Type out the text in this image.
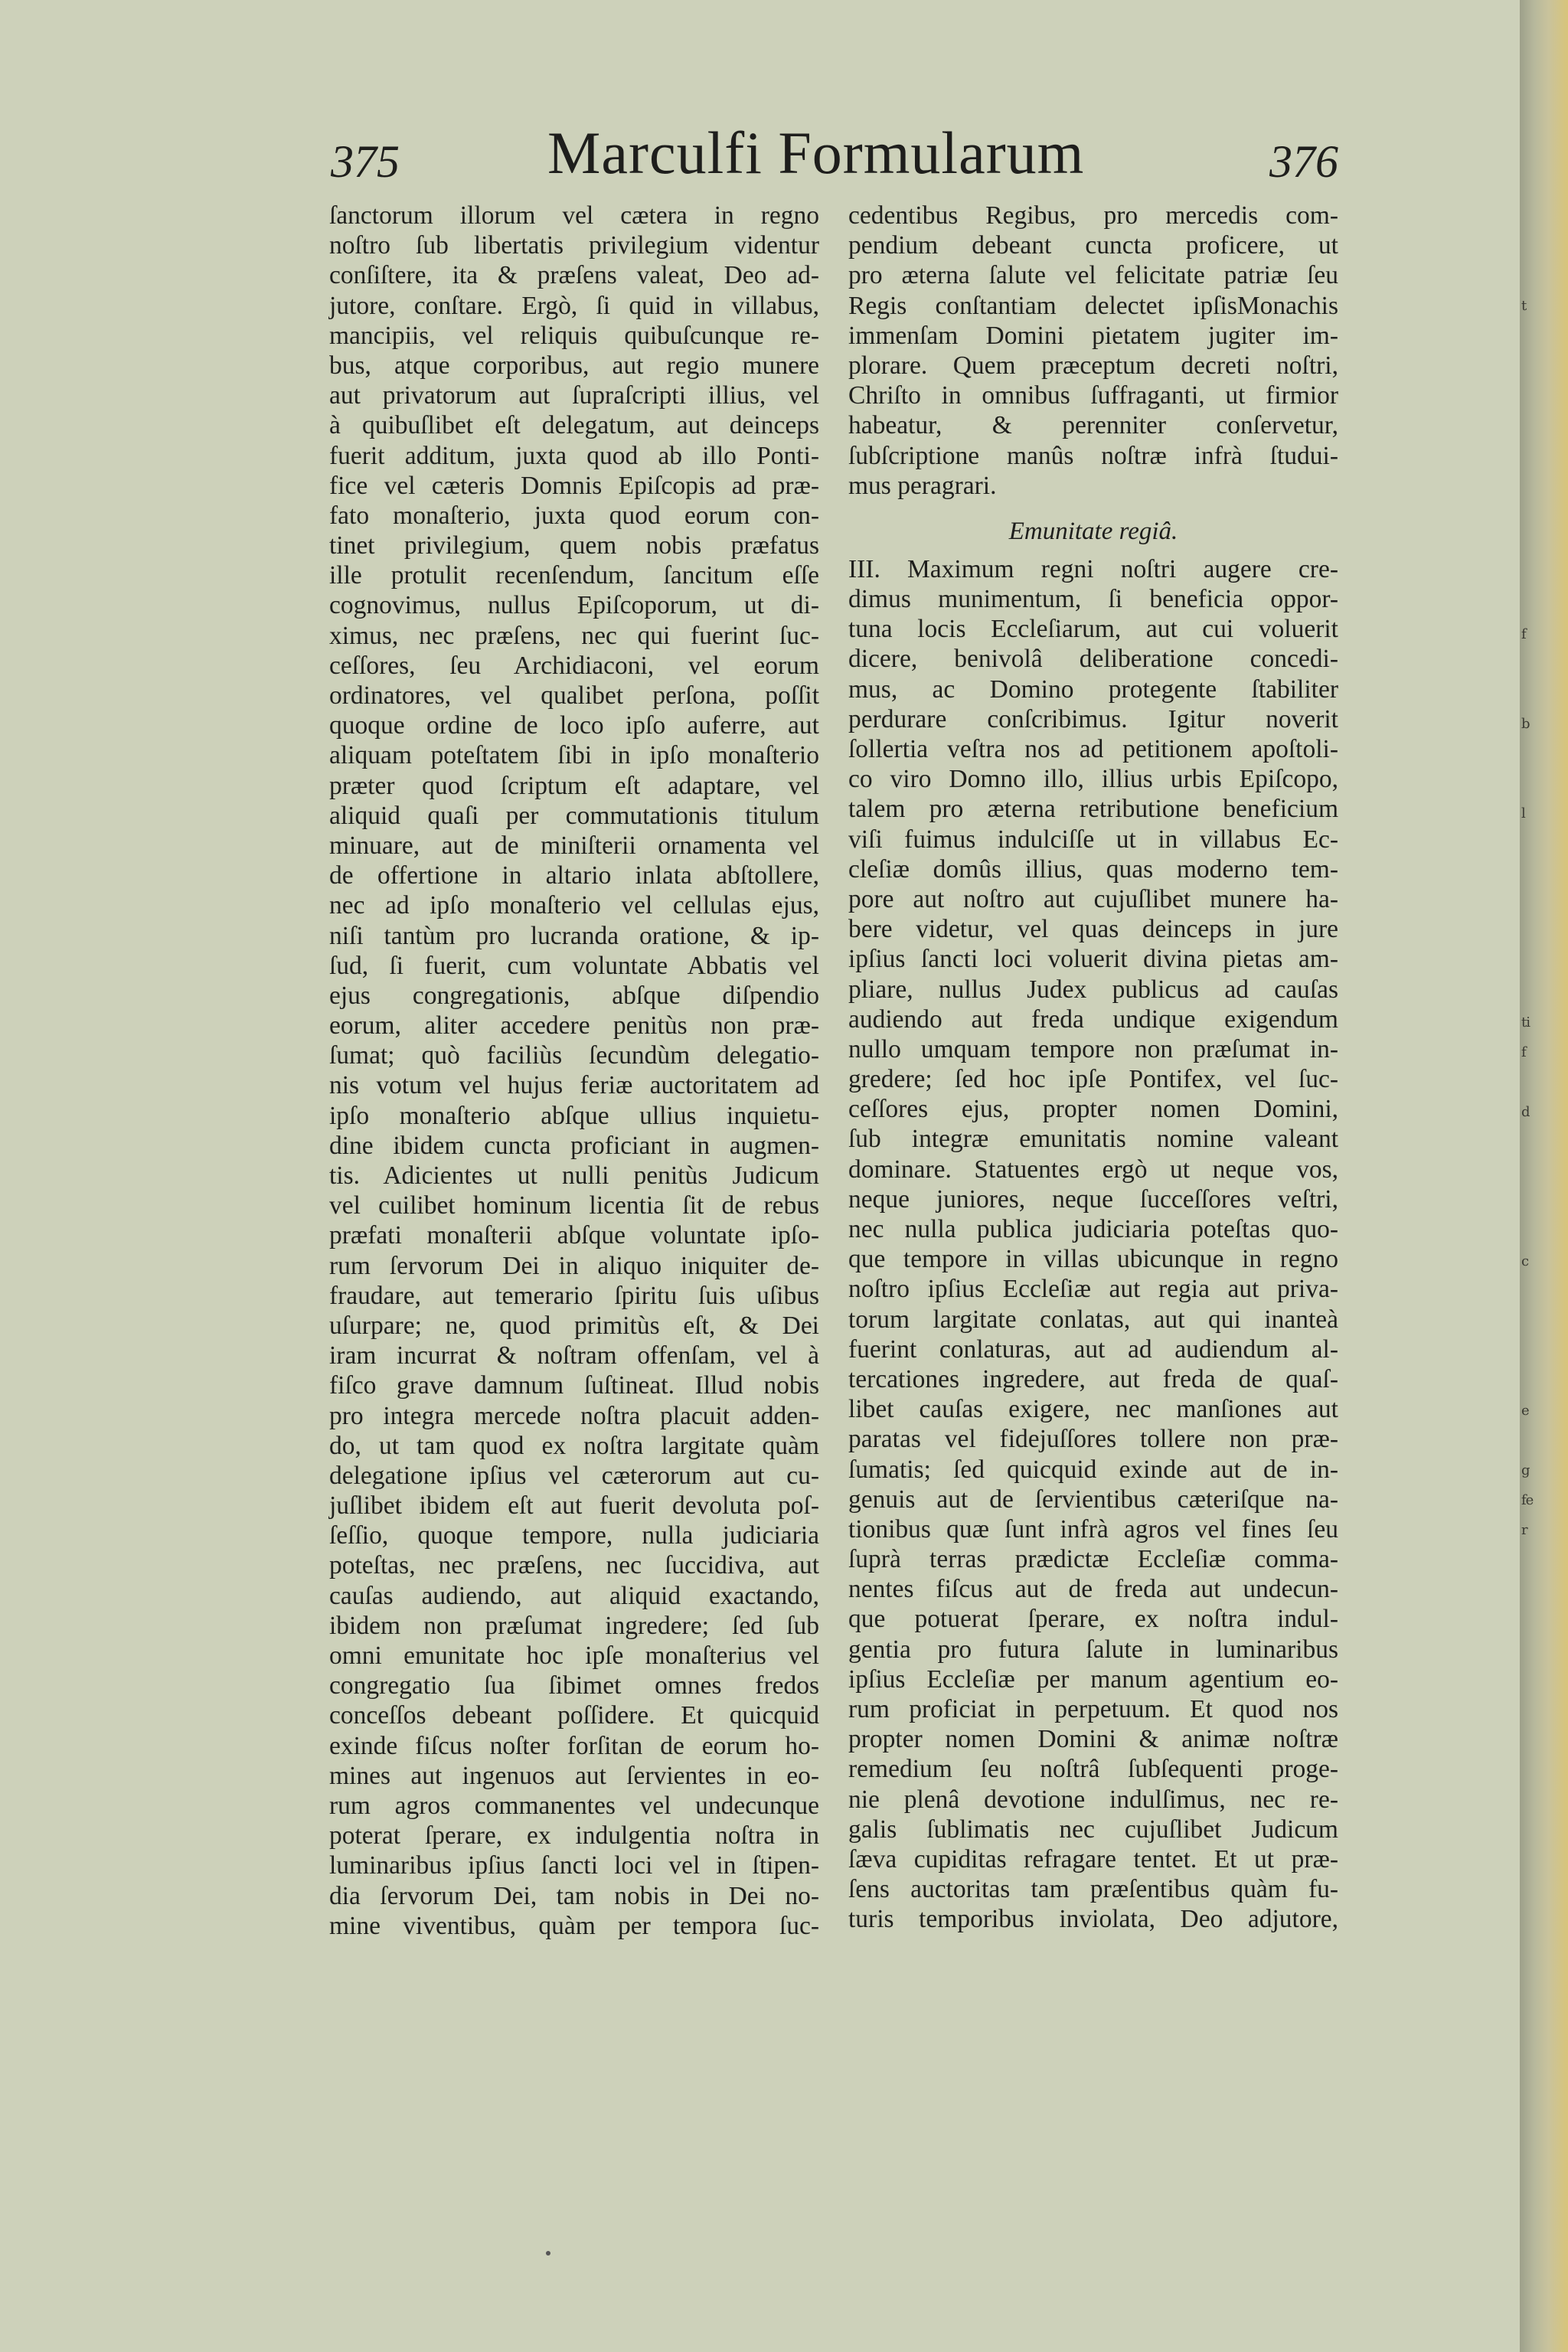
375 Marculfi Formularum	376
ſanctorum illorum vel cætera in regno
noſtro ſub libertatis privilegium videntur
conſiſtere, ita & præſens valeat, Deo ad-
jutore, conſtare. Ergò, ſi quid in villabus,
mancipiis, vel reliquis quibuſcunque re-
bus, atque corporibus, aut regio munere
aut privatorum aut ſupraſcripti illius, vel
à quibuſlibet eſt delegatum, aut deinceps
fuerit additum, juxta quod ab illo Ponti-
fice vel cæteris Domnis Epiſcopis ad præ-
fato monaſterio, juxta quod eorum con-
tinet privilegium, quem nobis præfatus
ille protulit recenſendum, ſancitum eſſe
cognovimus, nullus Epiſcoporum, ut di-
ximus, nec præſens, nec qui fuerint ſuc-
ceſſores, ſeu Archidiaconi, vel eorum
ordinatores, vel qualibet perſona, poſſit
quoque ordine de loco ipſo auferre, aut
aliquam poteſtatem ſibi in ipſo monaſterio
præter quod ſcriptum eſt adaptare, vel
aliquid quaſi per commutationis titulum
minuare, aut de miniſterii ornamenta vel
de offertione in altario inlata abſtollere,
nec ad ipſo monaſterio vel cellulas ejus,
niſi tantùm pro lucranda oratione, & ip-
ſud, ſi fuerit, cum voluntate Abbatis vel
ejus congregationis, abſque diſpendio
eorum, aliter accedere penitùs non præ-
ſumat; quò faciliùs ſecundùm delegatio-
nis votum vel hujus feriæ auctoritatem ad
ipſo monaſterio abſque ullius inquietu-
dine ibidem cuncta proficiant in augmen-
tis. Adicientes ut nulli penitùs Judicum
vel cuilibet hominum licentia ſit de rebus
præfati monaſterii abſque voluntate ipſo-
rum ſervorum Dei in aliquo iniquiter de-
fraudare, aut temerario ſpiritu ſuis uſibus
uſurpare; ne, quod primitùs eſt, & Dei
iram incurrat & noſtram offenſam, vel à
fiſco grave damnum ſuſtineat. Illud nobis
pro integra mercede noſtra placuit adden-
do, ut tam quod ex noſtra largitate quàm
delegatione ipſius vel cæterorum aut cu-
juſlibet ibidem eſt aut fuerit devoluta poſ-
ſeſſio, quoque tempore, nulla judiciaria
poteſtas, nec præſens, nec ſuccidiva, aut
cauſas audiendo, aut aliquid exactando,
ibidem non præſumat ingredere; ſed ſub
omni emunitate hoc ipſe monaſterius vel
congregatio ſua ſibimet omnes fredos
conceſſos debeant poſſidere. Et quicquid
exinde fiſcus noſter forſitan de eorum ho-
mines aut ingenuos aut ſervientes in eo-
rum agros commanentes vel undecunque
poterat ſperare, ex indulgentia noſtra in
luminaribus ipſius ſancti loci vel in ſtipen-
dia ſervorum Dei, tam nobis in Dei no-
mine viventibus, quàm per tempora ſuc-
cedentibus Regibus, pro mercedis com-
pendium debeant cuncta proficere, ut
pro æterna ſalute vel felicitate patriæ ſeu
Regis conſtantiam delectet ipſisMonachis
immenſam Domini pietatem jugiter im-
plorare. Quem præceptum decreti noſtri,
Chriſto in omnibus ſuffraganti, ut firmior
habeatur, & perenniter conſervetur,
ſubſcriptione manûs noſtræ infrà ſtudui-
mus peragrari.
Emunitate regiâ.
III. Maximum regni noſtri augere cre-
dimus munimentum, ſi beneficia oppor-
tuna locis Eccleſiarum, aut cui voluerit
dicere, benivolâ deliberatione concedi-
mus, ac Domino protegente ſtabiliter
perdurare conſcribimus. Igitur noverit
ſollertia veſtra nos ad petitionem apoſtoli-
co viro Domno illo, illius urbis Epiſcopo,
talem pro æterna retributione beneficium
viſi fuimus indulciſſe ut in villabus Ec-
cleſiæ domûs illius, quas moderno tem-
pore aut noſtro aut cujuſlibet munere ha-
bere videtur, vel quas deinceps in jure
ipſius ſancti loci voluerit divina pietas am-
pliare, nullus Judex publicus ad cauſas
audiendo aut freda undique exigendum
nullo umquam tempore non præſumat in-
gredere; ſed hoc ipſe Pontifex, vel ſuc-
ceſſores ejus, propter nomen Domini,
ſub integræ emunitatis nomine valeant
dominare. Statuentes ergò ut neque vos,
neque juniores, neque ſucceſſores veſtri,
nec nulla publica judiciaria poteſtas quo-
que tempore in villas ubicunque in regno
noſtro ipſius Eccleſiæ aut regia aut priva-
torum largitate conlatas, aut qui inanteà
fuerint conlaturas, aut ad audiendum al-
tercationes ingredere, aut freda de quaſ-
libet cauſas exigere, nec manſiones aut
paratas vel fidejuſſores tollere non præ-
ſumatis; ſed quicquid exinde aut de in-
genuis aut de ſervientibus cæteriſque na-
tionibus quæ ſunt infrà agros vel fines ſeu
ſuprà terras prædictæ Eccleſiæ comma-
nentes fiſcus aut de freda aut undecun-
que potuerat ſperare, ex noſtra indul-
gentia pro futura ſalute in luminaribus
ipſius Eccleſiæ per manum agentium eo-
rum proficiat in perpetuum. Et quod nos
propter nomen Domini & animæ noſtræ
remedium ſeu noſtrâ ſubſequenti proge-
nie plenâ devotione indulſimus, nec re-
galis ſublimatis nec cujuſlibet Judicum
ſæva cupiditas refragare tentet. Et ut præ-
ſens auctoritas tam præſentibus quàm fu-
turis temporibus inviolata, Deo adjutore,
t

f

b

l

ti
f

d

c

e

g
fe
r
